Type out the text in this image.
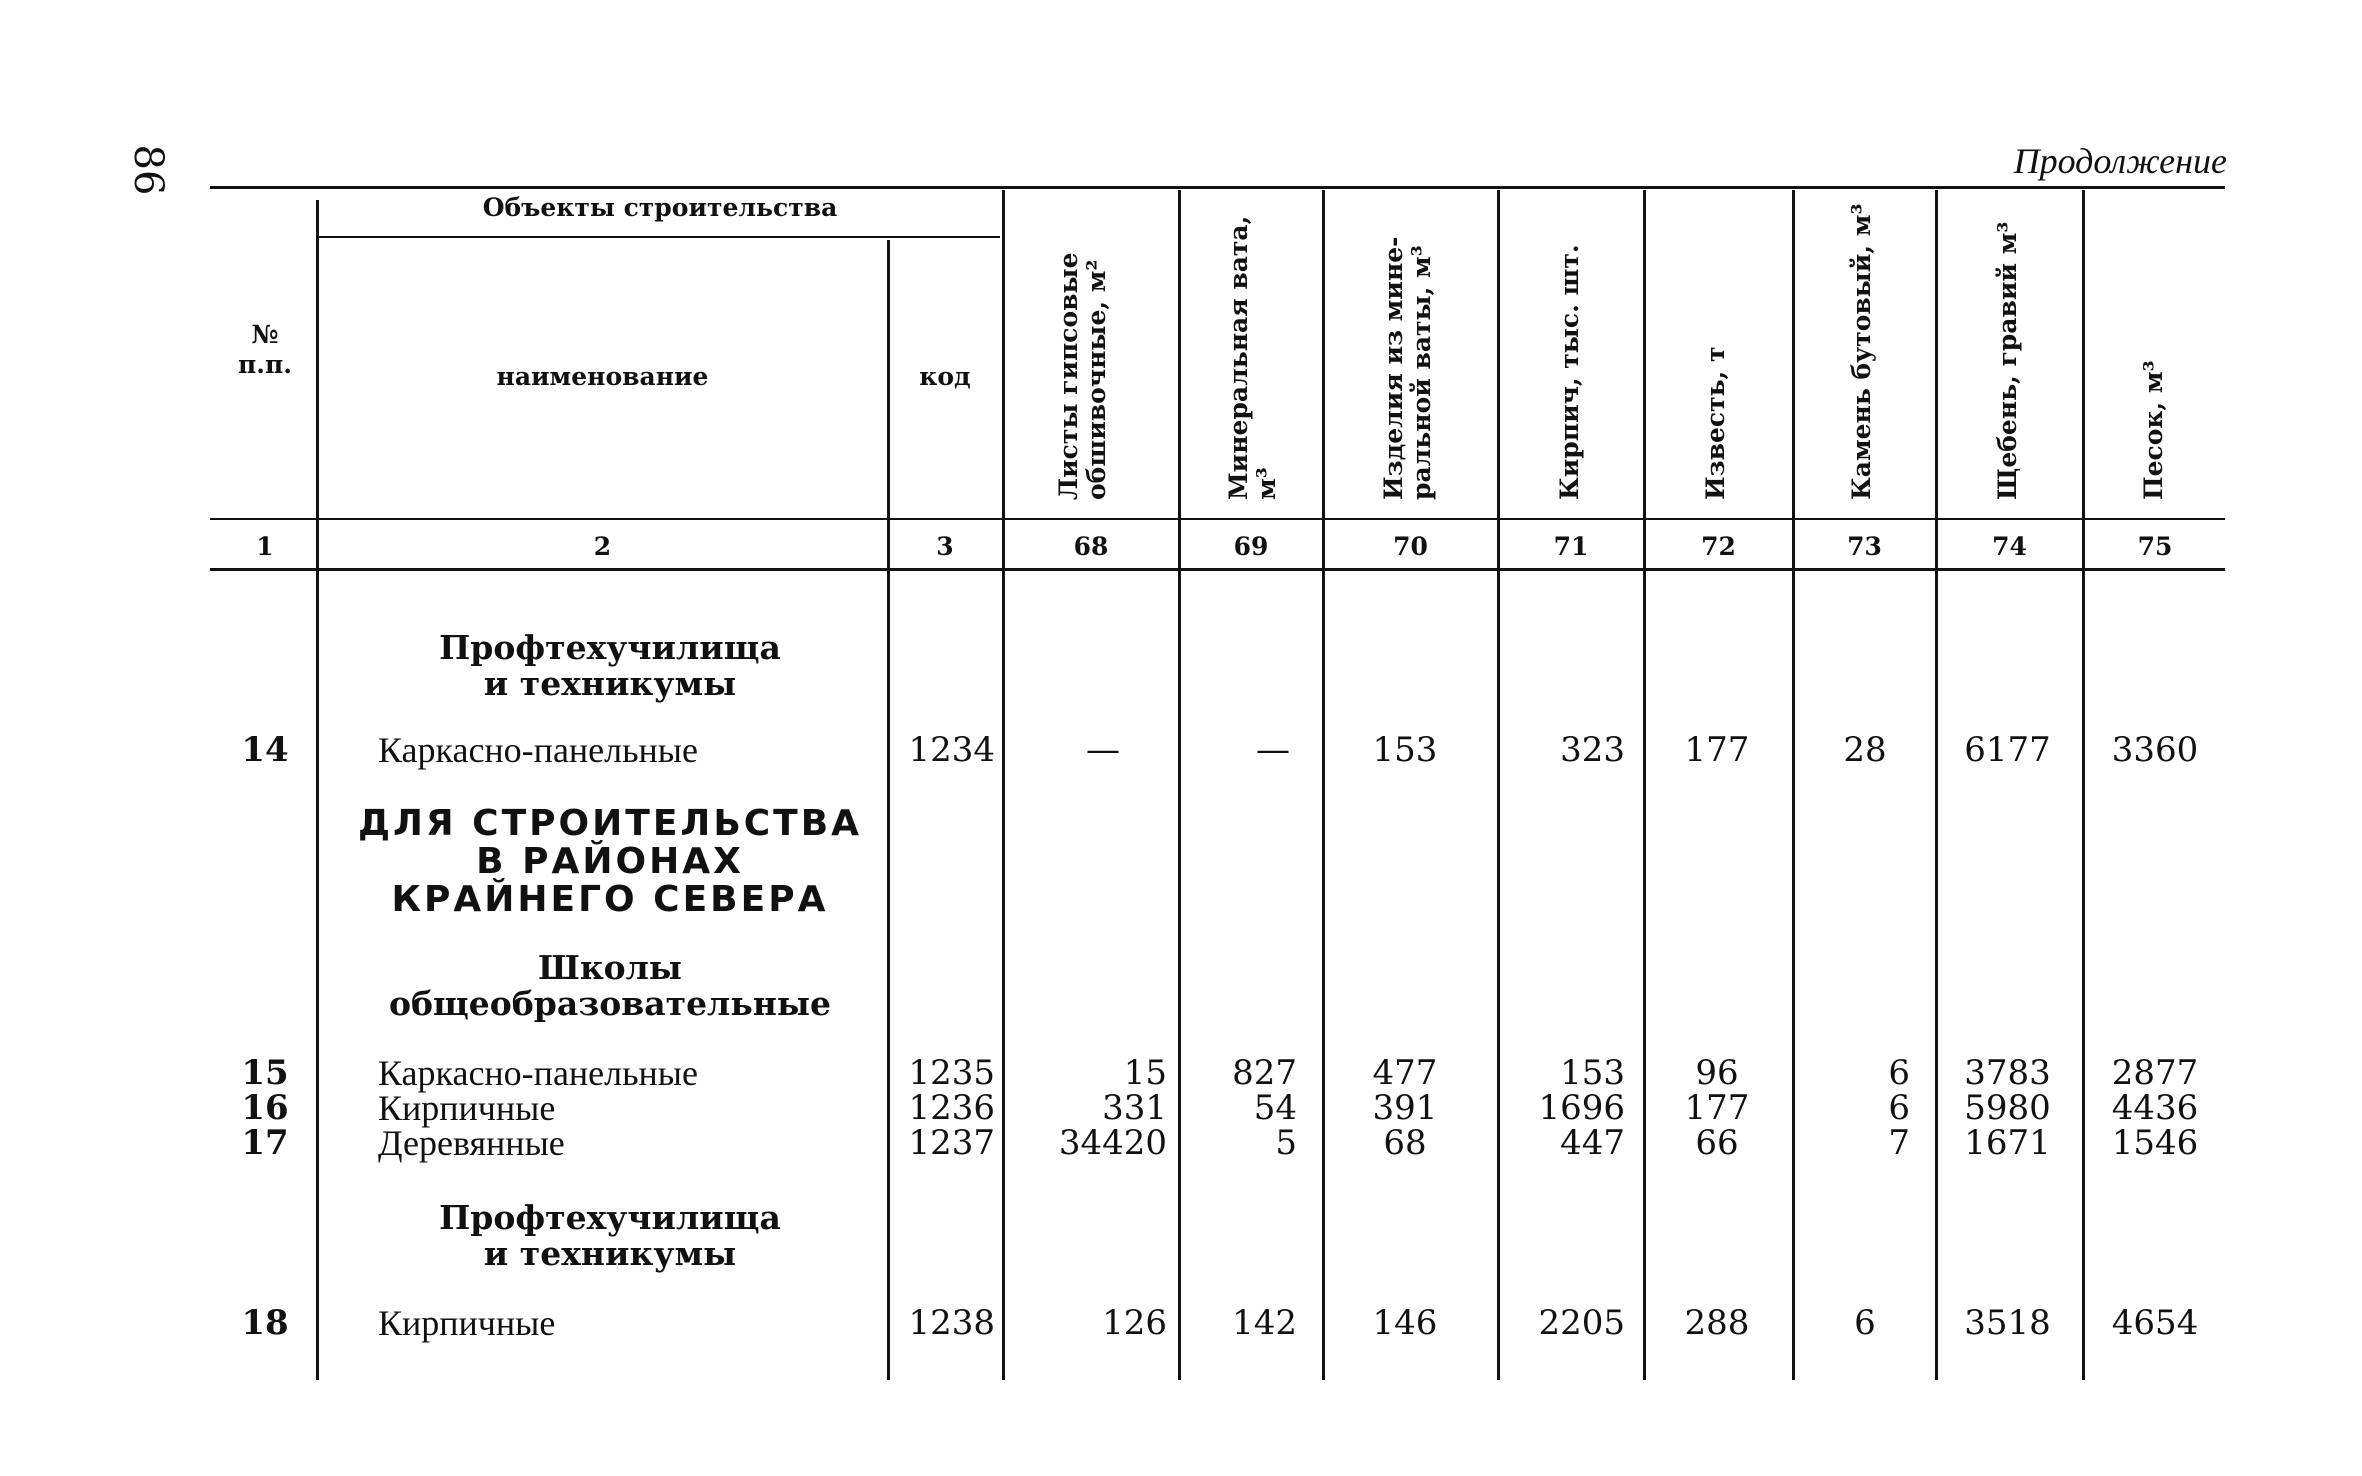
86	Продолжение
Объекты строительства
№
п.п.	наименование	код	Листы гипсовые
обшивочные, м²	Минеральная вата,
м³	Изделия из мине-
ральной ваты, м³	Кирпич, тыс. шт.	Известь, т	Камень бутовый, м³	Щебень, гравий м³	Песок, м³
1	2	3	68	69	70	71	72	73	74	75
Профтехучилища
и техникумы
14	Каркасно-панельные	1234	—	—	153	323	177	28	6177	3360
ДЛЯ СТРОИТЕЛЬСТВА
В РАЙОНАХ
КРАЙНЕГО СЕВЕРА
Школы
общеобразовательные
15	Каркасно-панельные	1235	15	827	477	153	96	6	3783	2877
16	Кирпичные	1236	331	54	391	1696	177	6	5980	4436
17	Деревянные	1237	34420	5	68	447	66	7	1671	1546
Профтехучилища
и техникумы
18	Кирпичные	1238	126	142	146	2205	288	6	3518	4654
